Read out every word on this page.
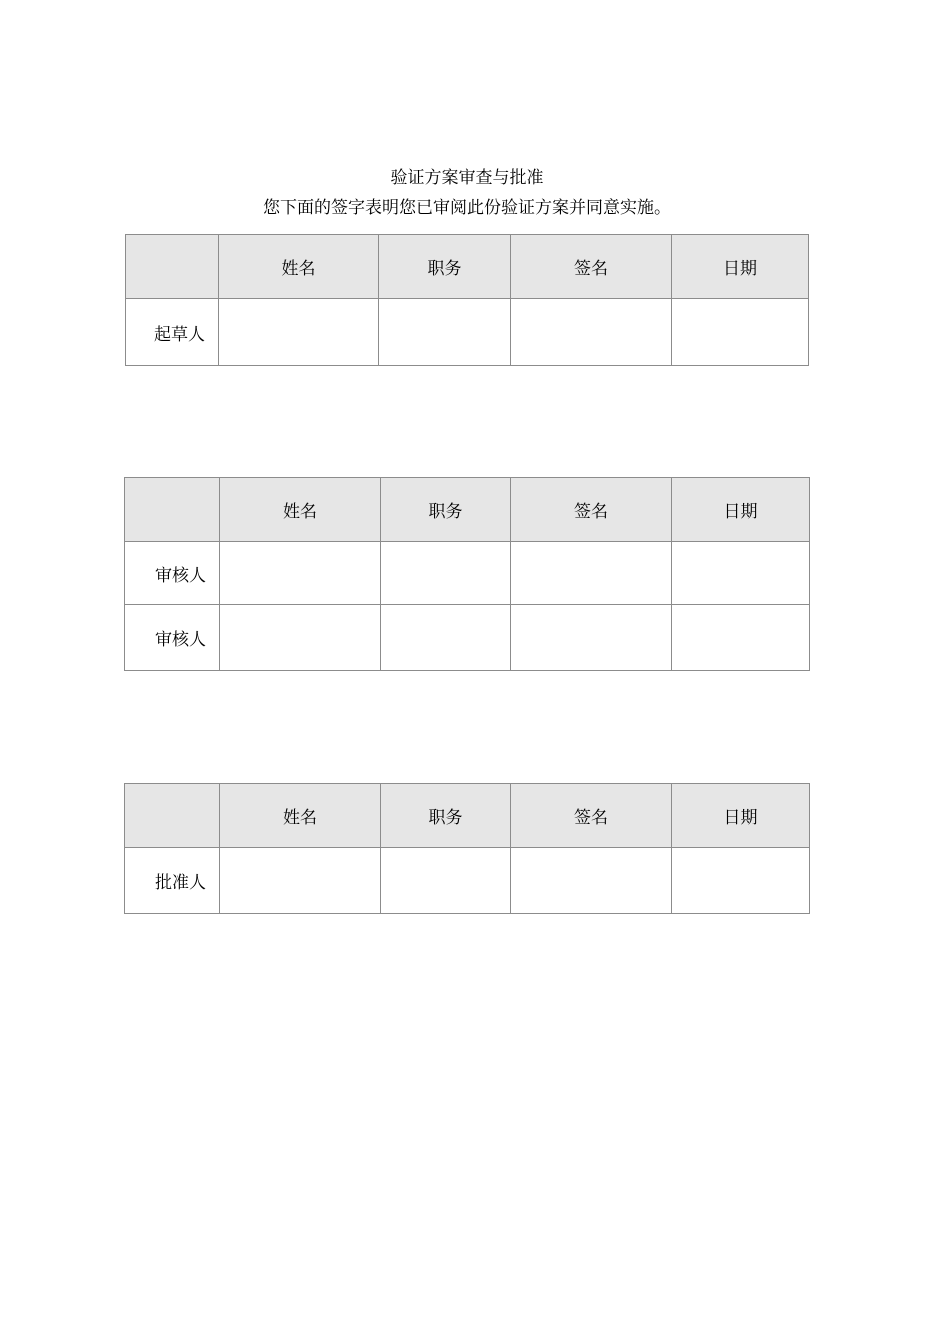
验证方案审查与批准
您下面的签字表明您已审阅此份验证方案并同意实施。
	姓名	职务	签名	日期
起草人				
	姓名	职务	签名	日期
审核人				
审核人				
	姓名	职务	签名	日期
批准人				
